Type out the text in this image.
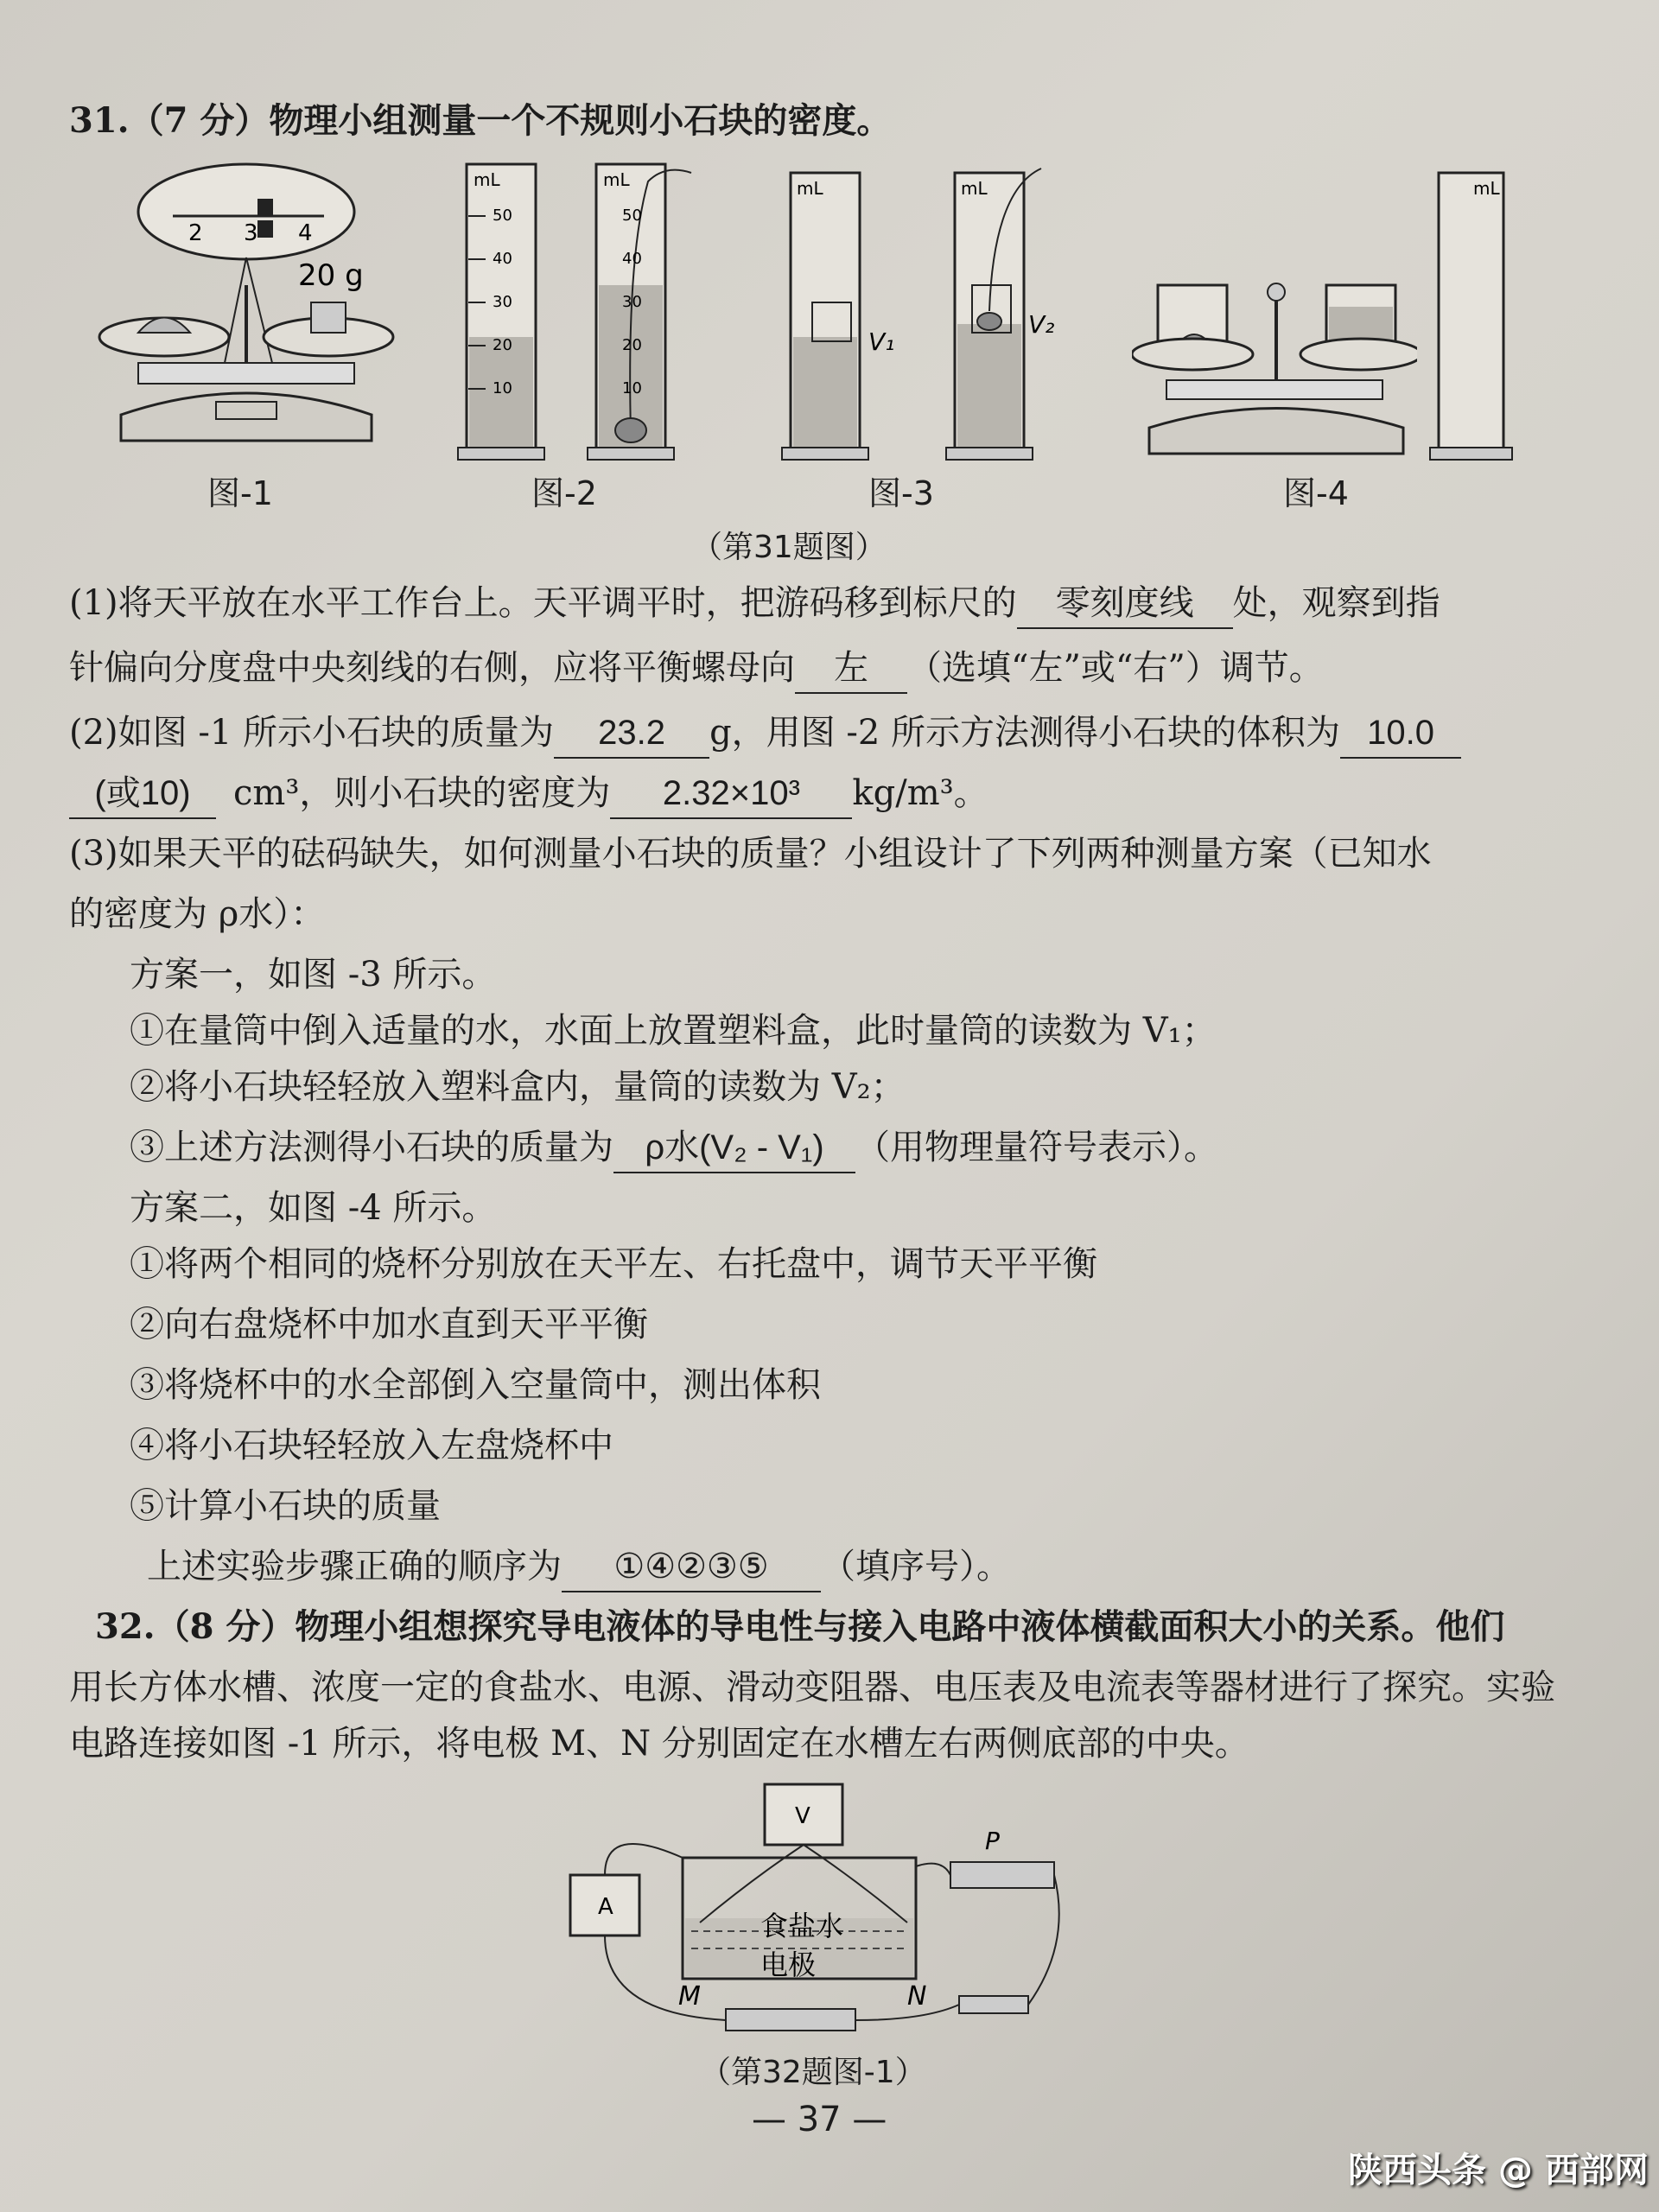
31.（7 分）物理小组测量一个不规则小石块的密度。
2 3 4
20 g
图-1
mL
50
40
30
20
10
mL
50
40
30
20
10
图-2
mL
V₁
mL
V₂
图-3
mL
图-4
（第31题图）
(1)将天平放在水平工作台上。天平调平时，把游码移到标尺的 零刻度线 处，观察到指
针偏向分度盘中央刻线的右侧，应将平衡螺母向 左 （选填“左”或“右”）调节。
(2)如图 -1 所示小石块的质量为 23.2 g，用图 -2 所示方法测得小石块的体积为 10.0
(或10) cm³，则小石块的密度为 2.32×10³ kg/m³。
(3)如果天平的砝码缺失，如何测量小石块的质量？小组设计了下列两种测量方案（已知水
的密度为 ρ水）：
方案一，如图 -3 所示。
①在量筒中倒入适量的水，水面上放置塑料盒，此时量筒的读数为 V₁；
②将小石块轻轻放入塑料盒内，量筒的读数为 V₂；
③上述方法测得小石块的质量为 ρ水(V₂ - V₁) （用物理量符号表示）。
方案二，如图 -4 所示。
①将两个相同的烧杯分别放在天平左、右托盘中，调节天平平衡
②向右盘烧杯中加水直到天平平衡
③将烧杯中的水全部倒入空量筒中，测出体积
④将小石块轻轻放入左盘烧杯中
⑤计算小石块的质量
上述实验步骤正确的顺序为 ①④②③⑤ （填序号）。
32.（8 分）物理小组想探究导电液体的导电性与接入电路中液体横截面积大小的关系。他们
用长方体水槽、浓度一定的食盐水、电源、滑动变阻器、电压表及电流表等器材进行了探究。实验
电路连接如图 -1 所示，将电极 M、N 分别固定在水槽左右两侧底部的中央。
V
A
食盐水
电极
M	N
P
（第32题图-1）
— 37 —
陕西头条 @ 西部网
